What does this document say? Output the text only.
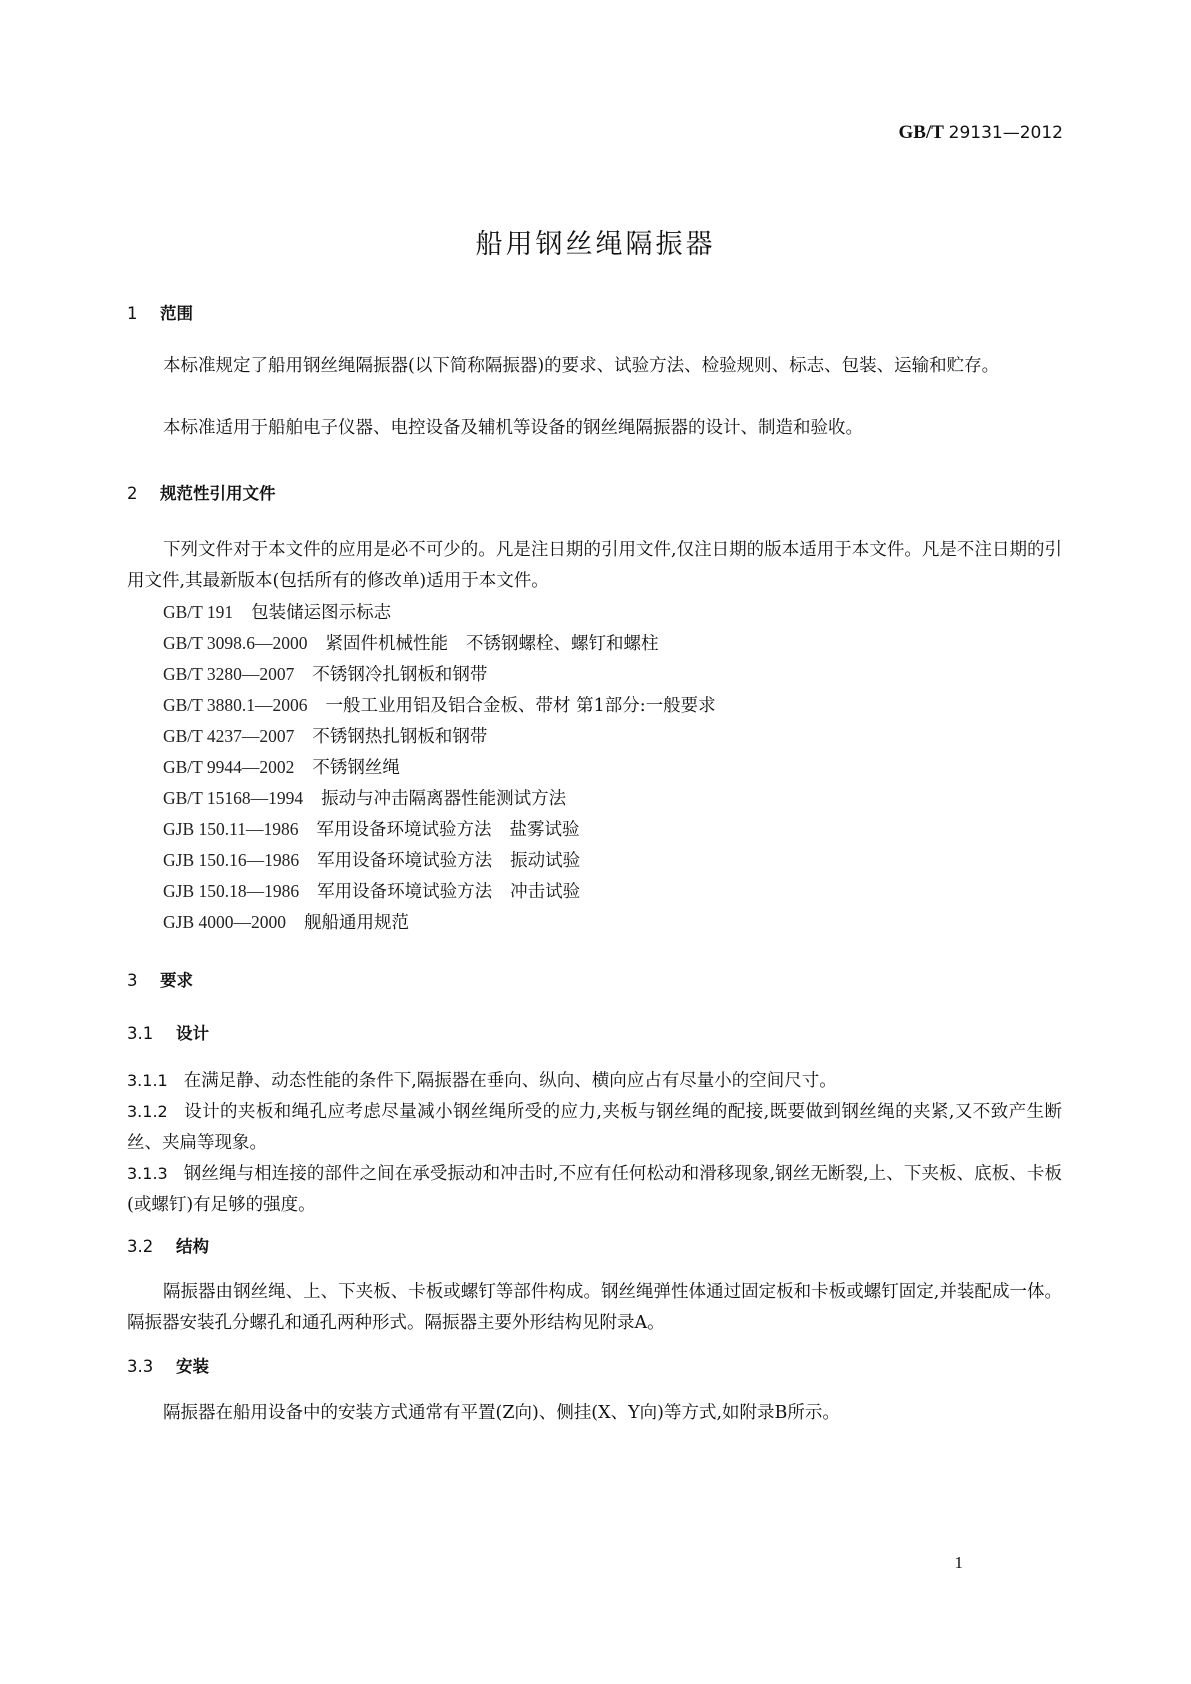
GB/T 29131—2012
船用钢丝绳隔振器
1 范围
本标准规定了船用钢丝绳隔振器(以下简称隔振器)的要求、试验方法、检验规则、标志、包装、运输和贮存。
本标准适用于船舶电子仪器、电控设备及辅机等设备的钢丝绳隔振器的设计、制造和验收。
2 规范性引用文件
下列文件对于本文件的应用是必不可少的。凡是注日期的引用文件,仅注日期的版本适用于本文件。凡是不注日期的引用文件,其最新版本(包括所有的修改单)适用于本文件。
GB/T 191 包装储运图示标志
GB/T 3098.6—2000 紧固件机械性能 不锈钢螺栓、螺钉和螺柱
GB/T 3280—2007 不锈钢冷扎钢板和钢带
GB/T 3880.1—2006 一般工业用铝及铝合金板、带材 第1部分:一般要求
GB/T 4237—2007 不锈钢热扎钢板和钢带
GB/T 9944—2002 不锈钢丝绳
GB/T 15168—1994 振动与冲击隔离器性能测试方法
GJB 150.11—1986 军用设备环境试验方法 盐雾试验
GJB 150.16—1986 军用设备环境试验方法 振动试验
GJB 150.18—1986 军用设备环境试验方法 冲击试验
GJB 4000—2000 舰船通用规范
3 要求
3.1 设计
3.1.1 在满足静、动态性能的条件下,隔振器在垂向、纵向、横向应占有尽量小的空间尺寸。
3.1.2 设计的夹板和绳孔应考虑尽量减小钢丝绳所受的应力,夹板与钢丝绳的配接,既要做到钢丝绳的夹紧,又不致产生断丝、夹扁等现象。
3.1.3 钢丝绳与相连接的部件之间在承受振动和冲击时,不应有任何松动和滑移现象,钢丝无断裂,上、下夹板、底板、卡板(或螺钉)有足够的强度。
3.2 结构
隔振器由钢丝绳、上、下夹板、卡板或螺钉等部件构成。钢丝绳弹性体通过固定板和卡板或螺钉固定,并装配成一体。隔振器安装孔分螺孔和通孔两种形式。隔振器主要外形结构见附录A。
3.3 安装
隔振器在船用设备中的安装方式通常有平置(Z向)、侧挂(X、Y向)等方式,如附录B所示。
1
